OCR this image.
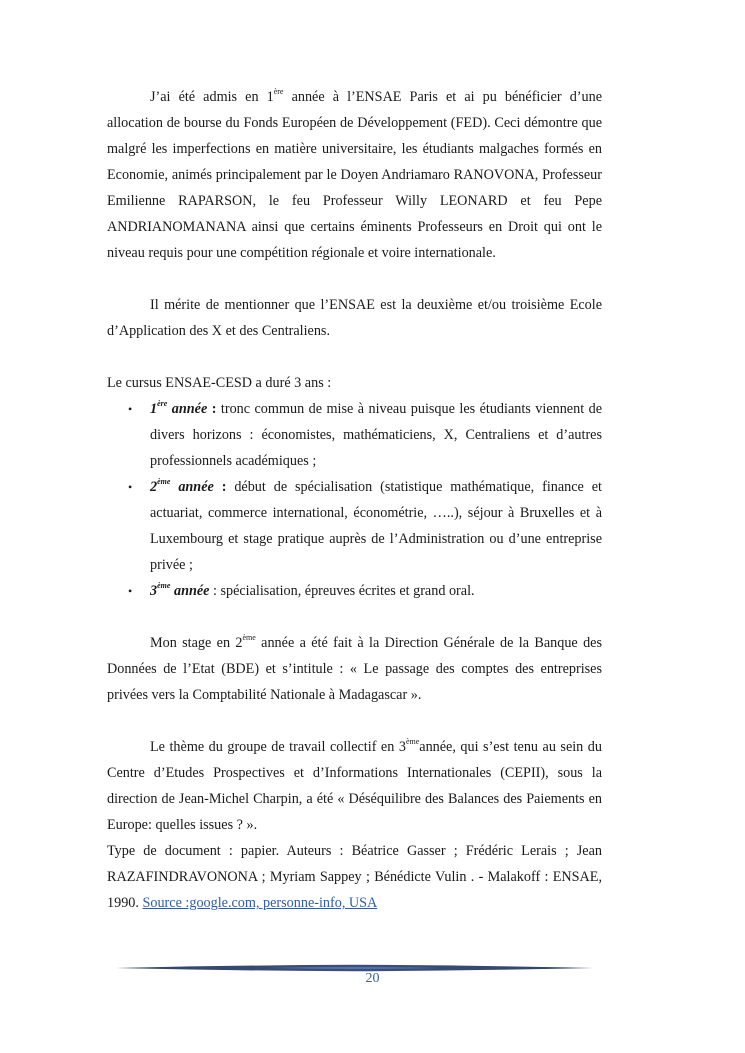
J’ai été admis en 1ère année à l’ENSAE Paris et ai pu bénéficier d’une allocation de bourse du Fonds Européen de Développement (FED). Ceci démontre que malgré les imperfections en matière universitaire, les étudiants malgaches formés en Economie, animés principalement par le Doyen Andriamaro RANOVONA, Professeur Emilienne RAPARSON, le feu Professeur Willy LEONARD et feu Pepe ANDRIANOMANANA ainsi que certains éminents Professeurs en Droit qui ont le niveau requis pour une compétition régionale et voire internationale.

Il mérite de mentionner que l’ENSAE est la deuxième et/ou troisième Ecole d’Application des X et des Centraliens.

Le cursus ENSAE-CESD a duré 3 ans :

• 1ère année : tronc commun de mise à niveau puisque les étudiants viennent de divers horizons : économistes, mathématiciens, X, Centraliens et d’autres professionnels académiques ;
• 2ème année : début de spécialisation (statistique mathématique, finance et actuariat, commerce international, économétrie, …..), séjour à Bruxelles et à Luxembourg et stage pratique auprès de l’Administration ou d’une entreprise privée ;
• 3ème année : spécialisation, épreuves écrites et grand oral.

Mon stage en 2ème année a été fait à la Direction Générale de la Banque des Données de l’Etat (BDE) et s’intitule : « Le passage des comptes des entreprises privées vers la Comptabilité Nationale à Madagascar ».

Le thème du groupe de travail collectif en 3èmeannée, qui s’est tenu au sein du Centre d’Etudes Prospectives et d’Informations Internationales (CEPII), sous la direction de Jean-Michel Charpin, a été « Déséquilibre des Balances des Paiements en Europe: quelles issues ? ».

Type de document : papier. Auteurs : Béatrice Gasser ; Frédéric Lerais ; Jean RAZAFINDRAVONONA ; Myriam Sappey ; Bénédicte Vulin . - Malakoff : ENSAE, 1990. Source :google.com, personne-info, USA

20
